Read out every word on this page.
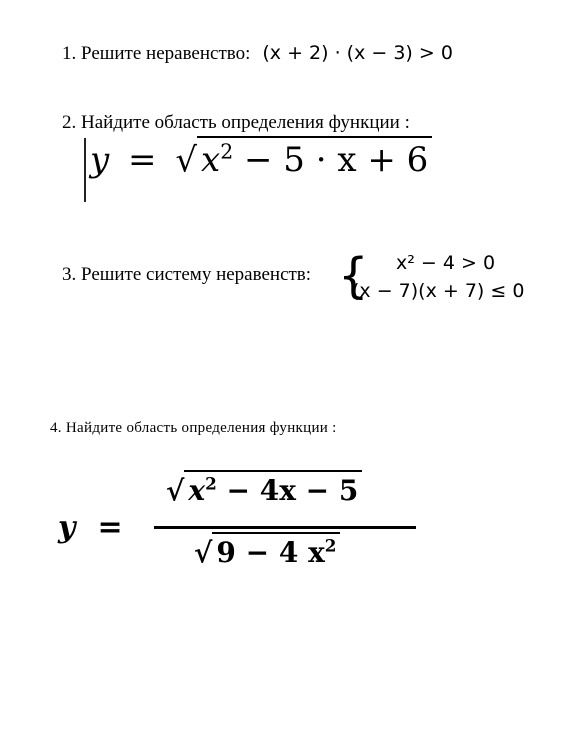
1. Решите неравенство: (x + 2) · (x − 3) > 0
2. Найдите область определения функции :
y = √ $x^2 - 5 \cdot x + 6$
3. Решите систему неравенств: { x² − 4 > 0
(x − 7)(x + 7) ≤ 0
4. Найдите область определения функции :
y =
√ $x^2 - 4x - 5$
√ 9 − 4 $x^2$
